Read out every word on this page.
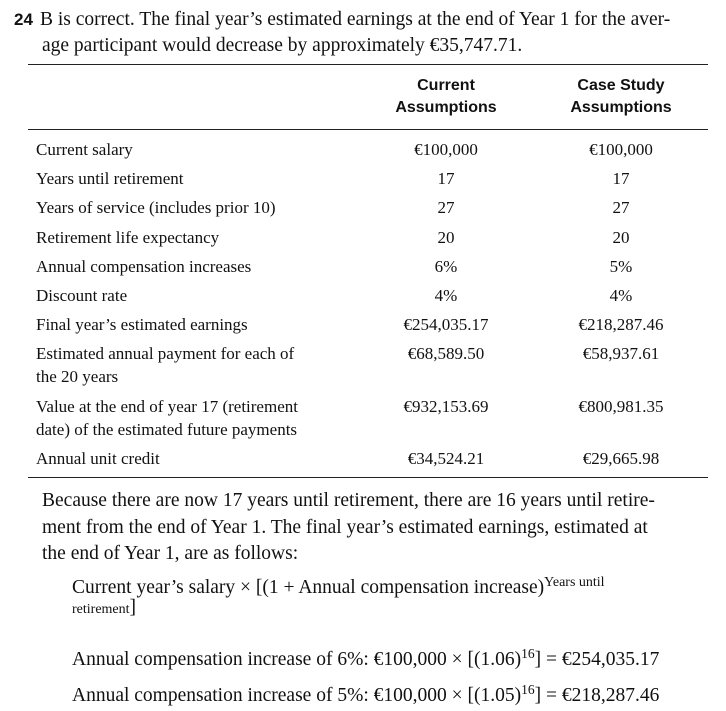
24 B is correct. The final year’s estimated earnings at the end of Year 1 for the aver-
age participant would decrease by approximately €35,747.71.
Current
Assumptions
Case Study
Assumptions
Current salary	€100,000	€100,000
Years until retirement	17	17
Years of service (includes prior 10)	27	27
Retirement life expectancy	20	20
Annual compensation increases	6%	5%
Discount rate	4%	4%
Final year’s estimated earnings	€254,035.17	€218,287.46
Estimated annual payment for each of
the 20 years
€68,589.50	€58,937.61
Value at the end of year 17 (retirement
date) of the estimated future payments
€932,153.69	€800,981.35
Annual unit credit	€34,524.21	€29,665.98
Because there are now 17 years until retirement, there are 16 years until retire-
ment from the end of Year 1. The final year’s estimated earnings, estimated at
the end of Year 1, are as follows:
Current year’s salary × [(1 + Annual compensation increase)$^{Years until}$
retirement]
Annual compensation increase of 6%: €100,000 × $[(1.06)^{16}]$ = €254,035.17
Annual compensation increase of 5%: €100,000 × $[(1.05)^{16}]$ = €218,287.46
